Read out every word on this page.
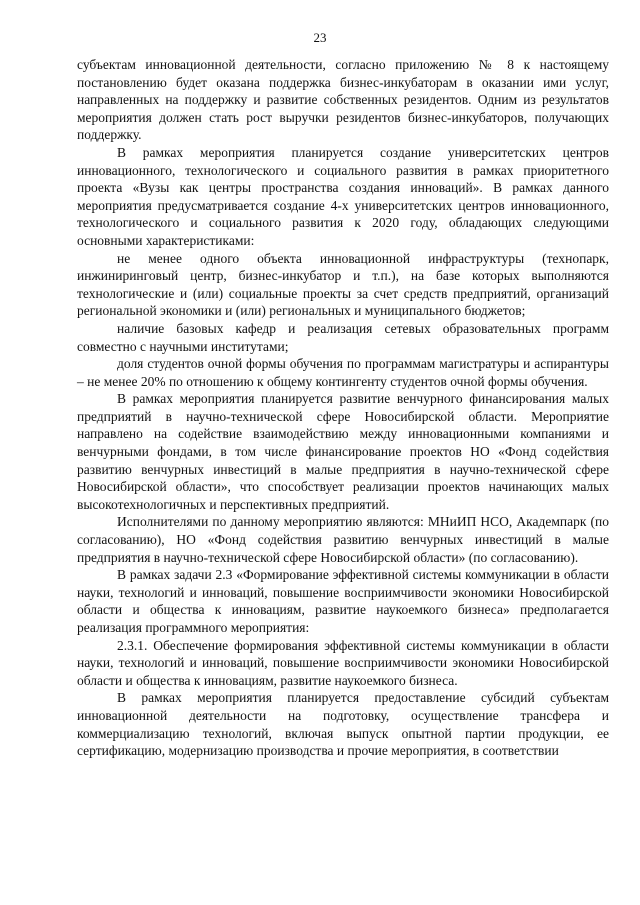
23

субъектам инновационной деятельности, согласно приложению № 8 к настоящему постановлению будет оказана поддержка бизнес-инкубаторам в оказании ими услуг, направленных на поддержку и развитие собственных резидентов. Одним из результатов мероприятия должен стать рост выручки резидентов бизнес-инкубаторов, получающих поддержку.

В рамках мероприятия планируется создание университетских центров инновационного, технологического и социального развития в рамках приоритетного проекта «Вузы как центры пространства создания инноваций». В рамках данного мероприятия предусматривается создание 4-х университетских центров инновационного, технологического и социального развития к 2020 году, обладающих следующими основными характеристиками:

не менее одного объекта инновационной инфраструктуры (технопарк, инжиниринговый центр, бизнес-инкубатор и т.п.), на базе которых выполняются технологические и (или) социальные проекты за счет средств предприятий, организаций региональной экономики и (или) региональных и муниципального бюджетов;

наличие базовых кафедр и реализация сетевых образовательных программ совместно с научными институтами;

доля студентов очной формы обучения по программам магистратуры и аспирантуры – не менее 20% по отношению к общему контингенту студентов очной формы обучения.

В рамках мероприятия планируется развитие венчурного финансирования малых предприятий в научно-технической сфере Новосибирской области. Мероприятие направлено на содействие взаимодействию между инновационными компаниями и венчурными фондами, в том числе финансирование проектов НО «Фонд содействия развитию венчурных инвестиций в малые предприятия в научно-технической сфере Новосибирской области», что способствует реализации проектов начинающих малых высокотехнологичных и перспективных предприятий.

Исполнителями по данному мероприятию являются: МНиИП НСО, Академпарк (по согласованию), НО «Фонд содействия развитию венчурных инвестиций в малые предприятия в научно-технической сфере Новосибирской области» (по согласованию).

В рамках задачи 2.3 «Формирование эффективной системы коммуникации в области науки, технологий и инноваций, повышение восприимчивости экономики Новосибирской области и общества к инновациям, развитие наукоемкого бизнеса» предполагается реализация программного мероприятия:

2.3.1. Обеспечение формирования эффективной системы коммуникации в области науки, технологий и инноваций, повышение восприимчивости экономики Новосибирской области и общества к инновациям, развитие наукоемкого бизнеса.

В рамках мероприятия планируется предоставление субсидий субъектам инновационной деятельности на подготовку, осуществление трансфера и коммерциализацию технологий, включая выпуск опытной партии продукции, ее сертификацию, модернизацию производства и прочие мероприятия, в соответствии
